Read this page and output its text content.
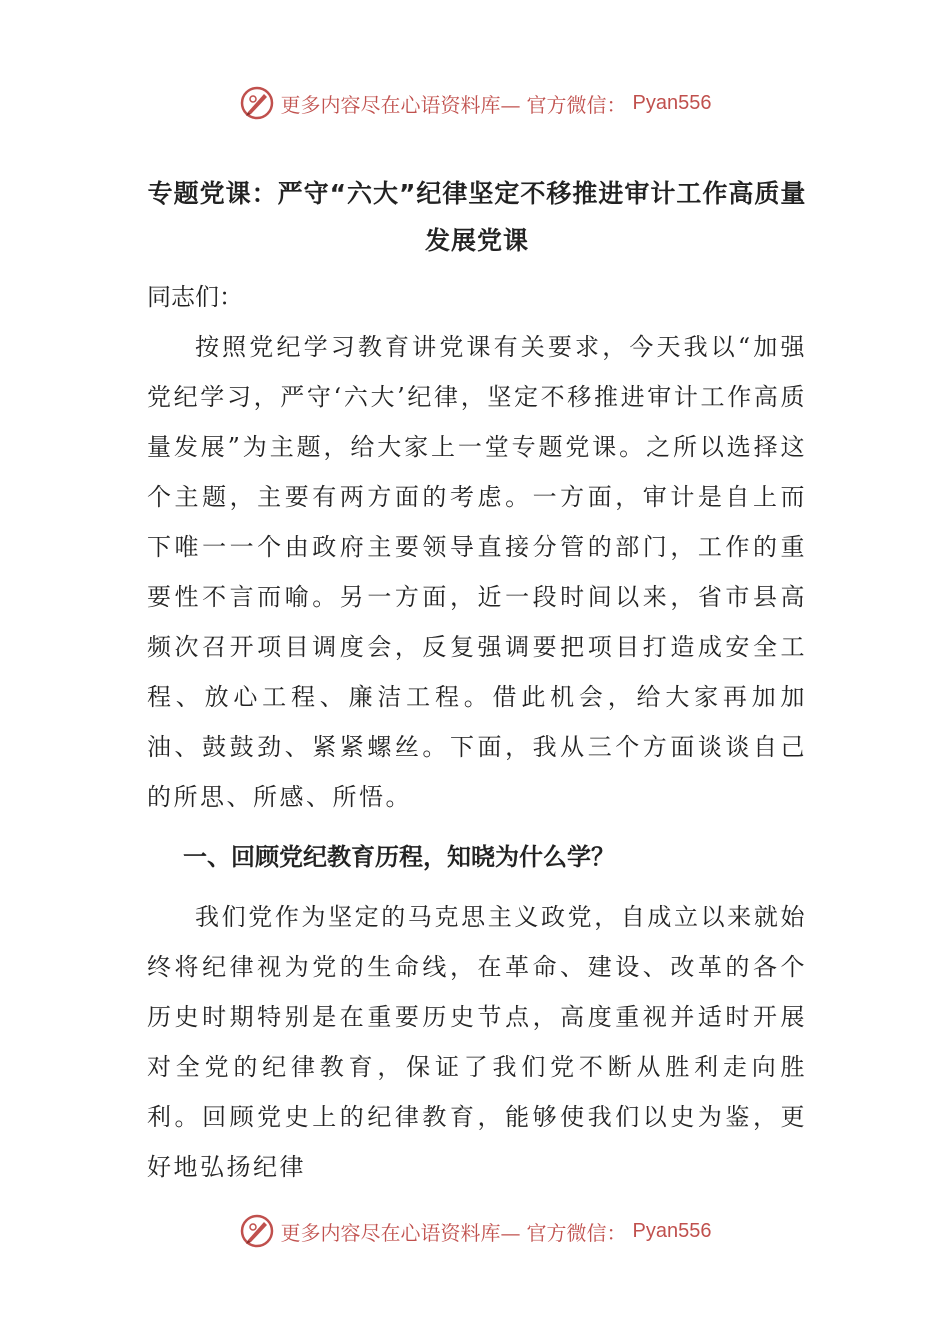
更多内容尽在心语资料库— 官方微信： Pyan556
专题党课：严守“六大”纪律坚定不移推进审计工作高质量发展党课

同志们：

按照党纪学习教育讲党课有关要求，今天我以“加强党纪学习，严守‘六大’纪律，坚定不移推进审计工作高质量发展”为主题，给大家上一堂专题党课。之所以选择这个主题，主要有两方面的考虑。一方面，审计是自上而下唯一一个由政府主要领导直接分管的部门，工作的重要性不言而喻。另一方面，近一段时间以来，省市县高频次召开项目调度会，反复强调要把项目打造成安全工程、放心工程、廉洁工程。借此机会，给大家再加加油、鼓鼓劲、紧紧螺丝。下面，我从三个方面谈谈自己的所思、所感、所悟。

一、回顾党纪教育历程，知晓为什么学？

我们党作为坚定的马克思主义政党，自成立以来就始终将纪律视为党的生命线，在革命、建设、改革的各个历史时期特别是在重要历史节点，高度重视并适时开展对全党的纪律教育，保证了我们党不断从胜利走向胜利。回顾党史上的纪律教育，能够使我们以史为鉴，更好地弘扬纪律

更多内容尽在心语资料库— 官方微信： Pyan556
